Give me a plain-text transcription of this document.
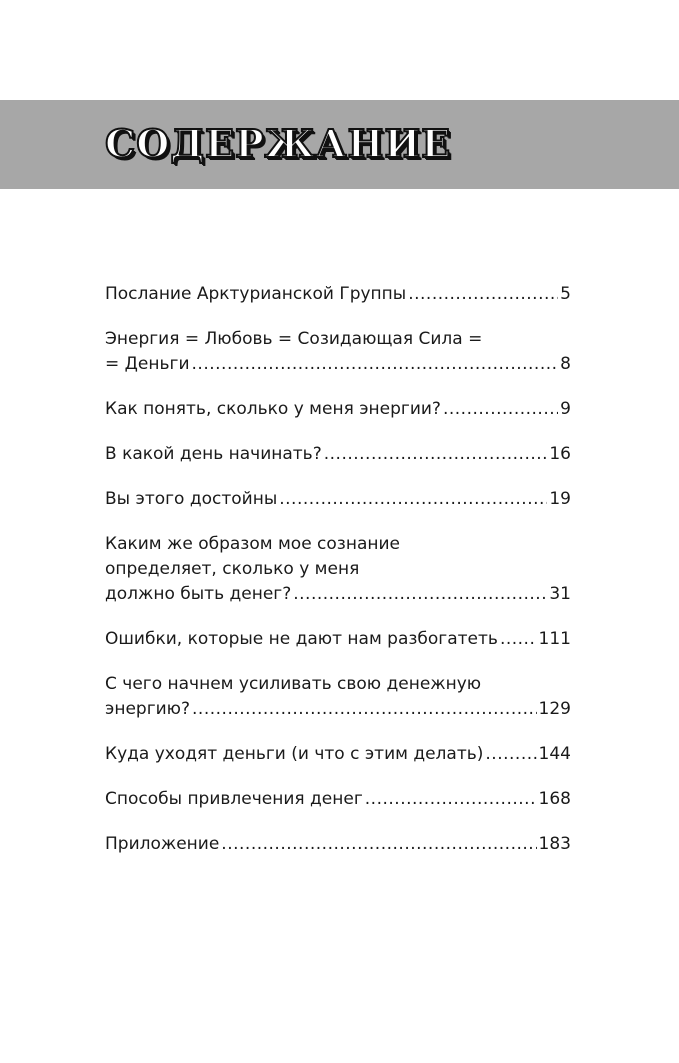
СОДЕРЖАНИЕ
Послание Арктурианской Группы .....	5
Энергия = Любовь = Созидающая Сила =
= Деньги .....	8
Как понять, сколько у меня энергии? .....	9
В какой день начинать? .....	16
Вы этого достойны .....	19
Каким же образом мое сознание
определяет, сколько у меня
должно быть денег? .....	31
Ошибки, которые не дают нам разбогатеть ..... 111
С чего начнем усиливать свою денежную
энергию? .....	129
Куда уходят деньги (и что с этим делать) .....	144
Способы привлечения денег .....	168
Приложение .....	183
